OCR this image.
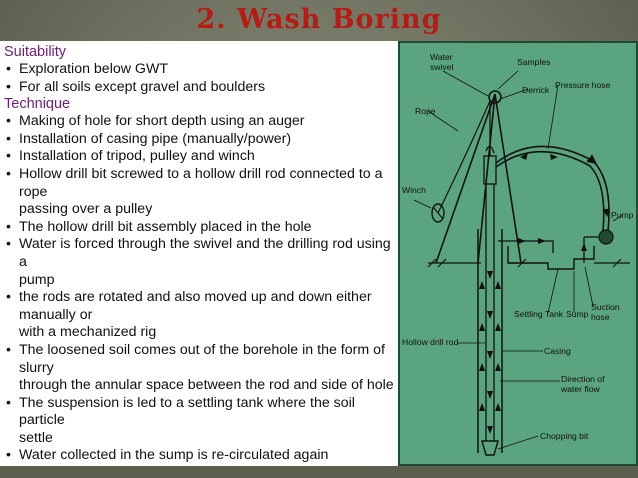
2. Wash Boring
Suitability
• Exploration below GWT
• For all soils except gravel and boulders
Technique
• Making of hole for short depth using an auger
• Installation of casing pipe (manually/power)
• Installation of tripod, pulley and winch
• Hollow drill bit screwed to a hollow drill rod connected to a rope
passing over a pulley
• The hollow drill bit assembly placed in the hole
• Water is forced through the swivel and the drilling rod using a
pump
• the rods are rotated and also moved up and down either manually or
with a mechanized rig
• The loosened soil comes out of the borehole in the form of slurry
through the annular space between the rod and side of hole
• The suspension is led to a settling tank where the soil particle
settle
• Water collected in the sump is re-circulated again
Water
swivel	Samples
Derrick Pressure hose
Rope
Winch
Pump
Settling Tank Sump
Suction
hose
Hollow drill rod
Casing
Direction of
water flow
Chopping bit
